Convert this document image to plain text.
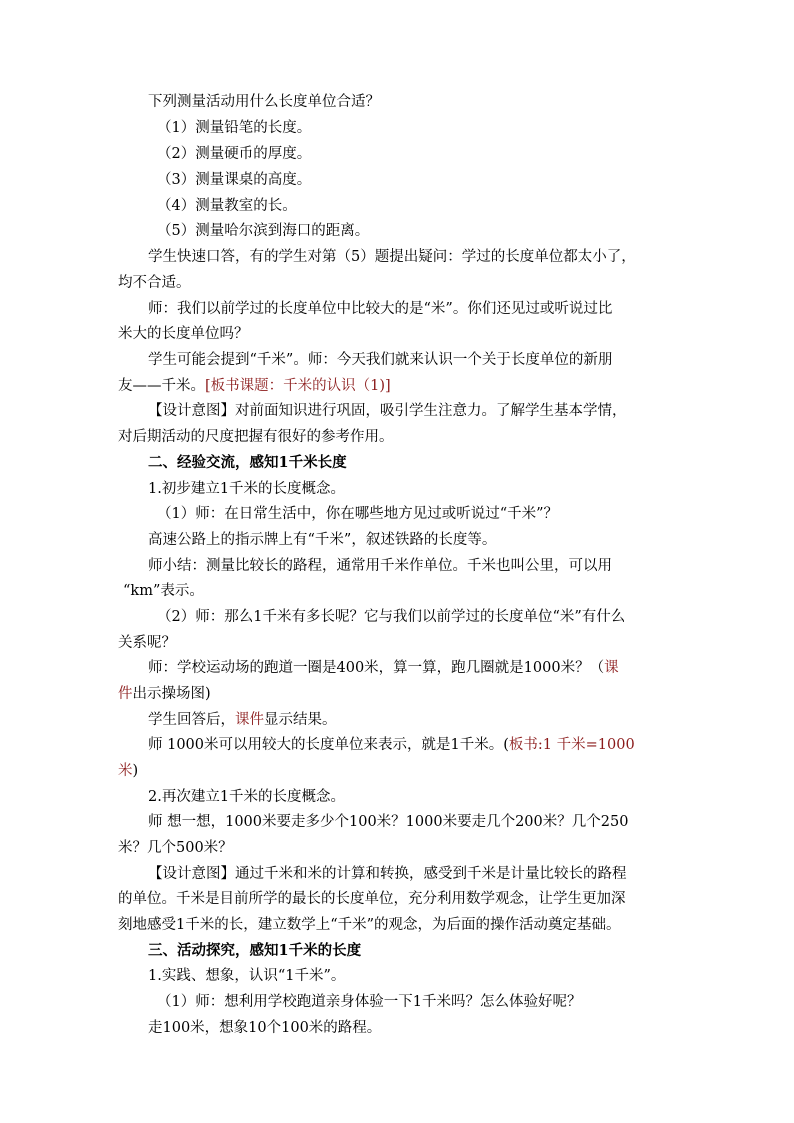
下列测量活动用什么长度单位合适？
（1）测量铅笔的长度。
（2）测量硬币的厚度。
（3）测量课桌的高度。
（4）测量教室的长。
（5）测量哈尔滨到海口的距离。
学生快速口答，有的学生对第（5）题提出疑问：学过的长度单位都太小了，
均不合适。
师：我们以前学过的长度单位中比较大的是“米”。你们还见过或听说过比
米大的长度单位吗？
学生可能会提到“千米”。师：今天我们就来认识一个关于长度单位的新朋
友——千米。[板书课题：千米的认识（1)]
【设计意图】对前面知识进行巩固，吸引学生注意力。了解学生基本学情，
对后期活动的尺度把握有很好的参考作用。
二、经验交流，感知1千米长度
1.初步建立1千米的长度概念。
（1）师：在日常生活中，你在哪些地方见过或听说过“千米”？
高速公路上的指示牌上有“千米”，叙述铁路的长度等。
师小结：测量比较长的路程，通常用千米作单位。千米也叫公里，可以用
“km”表示。
（2）师：那么1千米有多长呢？它与我们以前学过的长度单位“米”有什么
关系呢？
师：学校运动场的跑道一圈是400米，算一算，跑几圈就是1000米？（课
件出示操场图)
学生回答后，课件显示结果。
师 1000米可以用较大的长度单位来表示，就是1千米。(板书:1 千米=1000
米)
2.再次建立1千米的长度概念。
师 想一想，1000米要走多少个100米？1000米要走几个200米？几个250
米？几个500米？
【设计意图】通过千米和米的计算和转换，感受到千米是计量比较长的路程
的单位。千米是目前所学的最长的长度单位，充分利用数学观念，让学生更加深
刻地感受1千米的长，建立数学上“千米”的观念，为后面的操作活动奠定基础。
三、活动探究，感知1千米的长度
1.实践、想象，认识“1千米”。
（1）师：想利用学校跑道亲身体验一下1千米吗？怎么体验好呢？
走100米，想象10个100米的路程。
